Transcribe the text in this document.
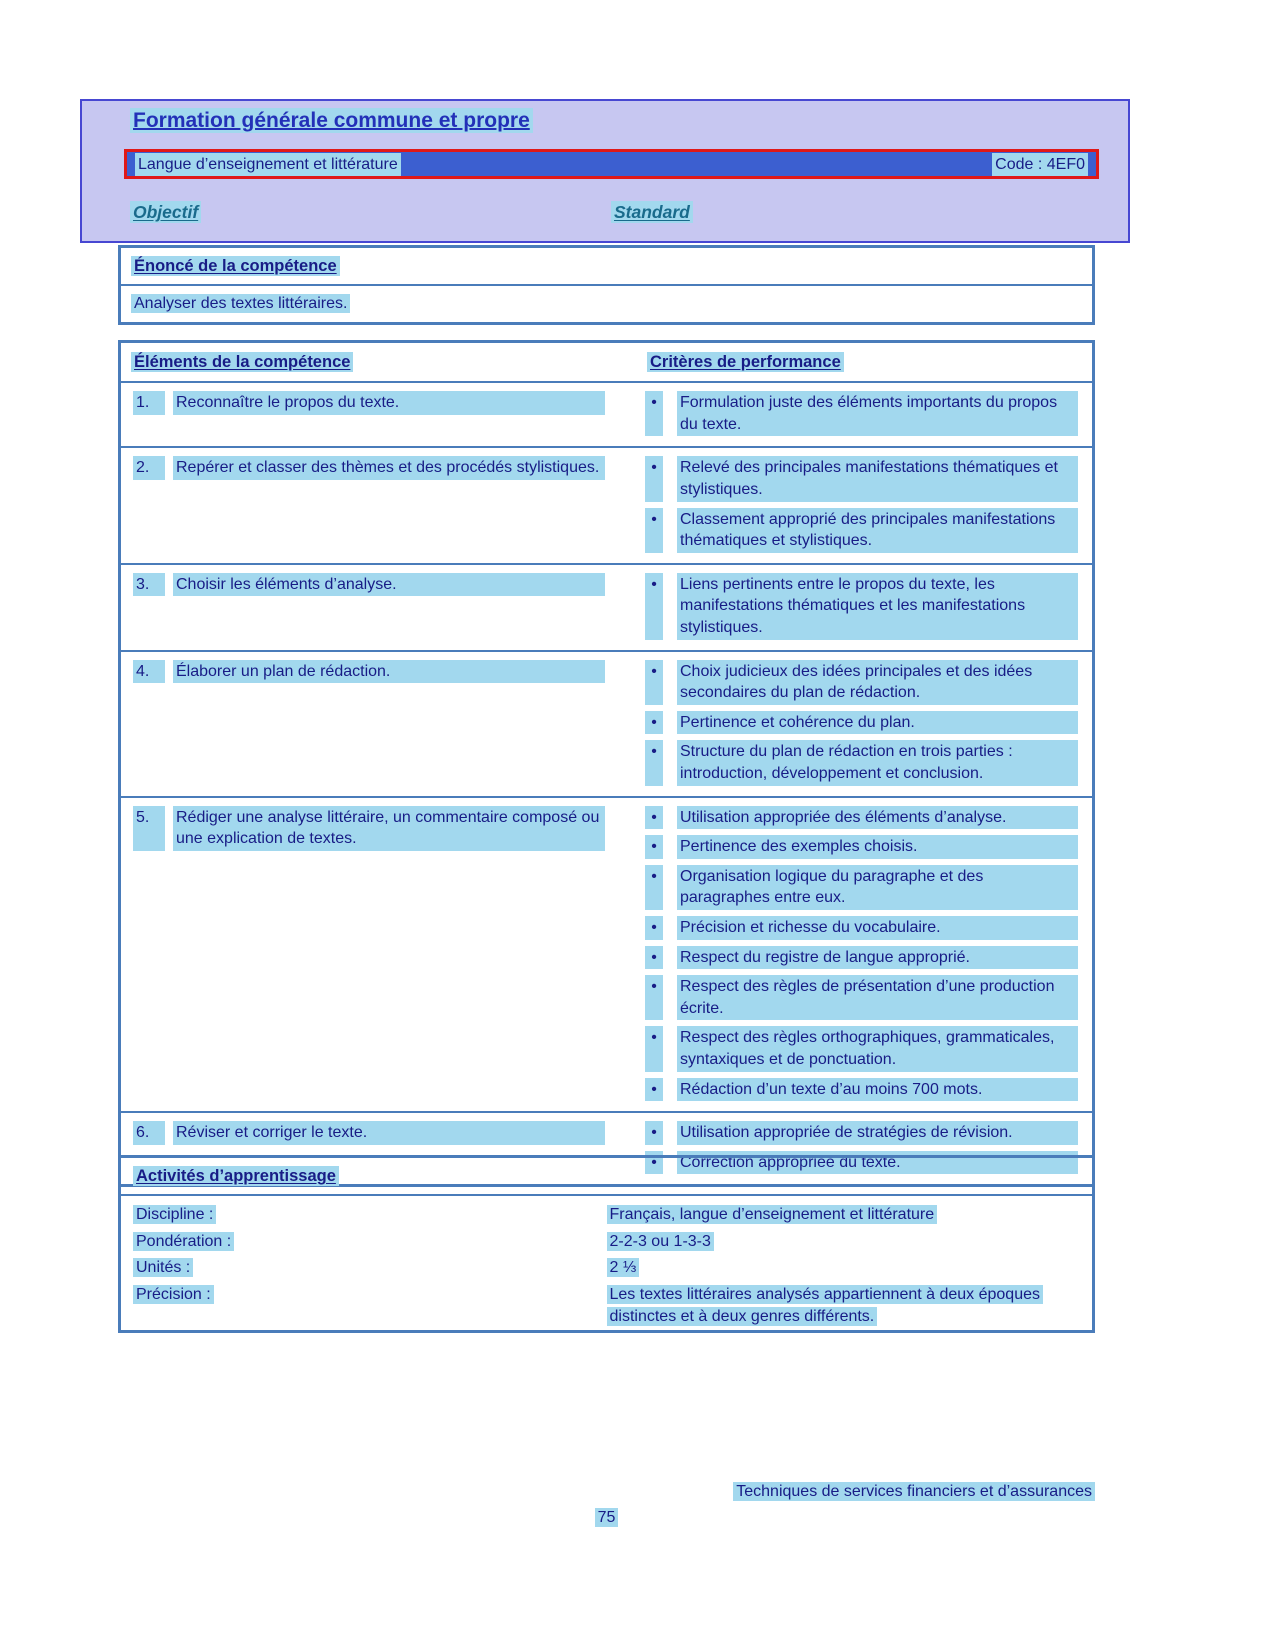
Formation générale commune et propre
Langue d’enseignement et littérature	Code : 4EF0
Objectif	Standard
Énoncé de la compétence
Analyser des textes littéraires.
Éléments de la compétence	Critères de performance

1. Reconnaître le propos du texte.	• Formulation juste des éléments importants du propos du texte.

2.	Repérer et classer des thèmes et des procédés stylistiques.	•	Relevé des principales manifestations thématiques et stylistiques.
•	Classement approprié des principales manifestations thématiques et stylistiques.

3. Choisir les éléments d’analyse.	• Liens pertinents entre le propos du texte, les manifestations thématiques et les manifestations stylistiques.

4.	Élaborer un plan de rédaction.	•	Choix judicieux des idées principales et des idées secondaires du plan de rédaction.
•	Pertinence et cohérence du plan.
•	Structure du plan de rédaction en trois parties : introduction, développement et conclusion.

5.	Rédiger une analyse littéraire, un commentaire composé ou une explication de textes.

•	Utilisation appropriée des éléments d’analyse.
•	Pertinence des exemples choisis.
•	Organisation logique du paragraphe et des paragraphes entre eux.
•	Précision et richesse du vocabulaire.
•	Respect du registre de langue approprié.
•	Respect des règles de présentation d’une production écrite.
•	Respect des règles orthographiques, grammaticales, syntaxiques et de ponctuation.
•	Rédaction d’un texte d’au moins 700 mots.

6.	Réviser et corriger le texte.	•	Utilisation appropriée de stratégies de révision.
•	Correction appropriée du texte.
Activités d’apprentissage	
Discipline :	Français, langue d’enseignement et littérature
Pondération :	2-2-3 ou 1-3-3
Unités :	2 ⅓
Précision :	Les textes littéraires analysés appartiennent à deux époques distinctes et à deux genres différents.
Techniques de services financiers et d’assurances
75
